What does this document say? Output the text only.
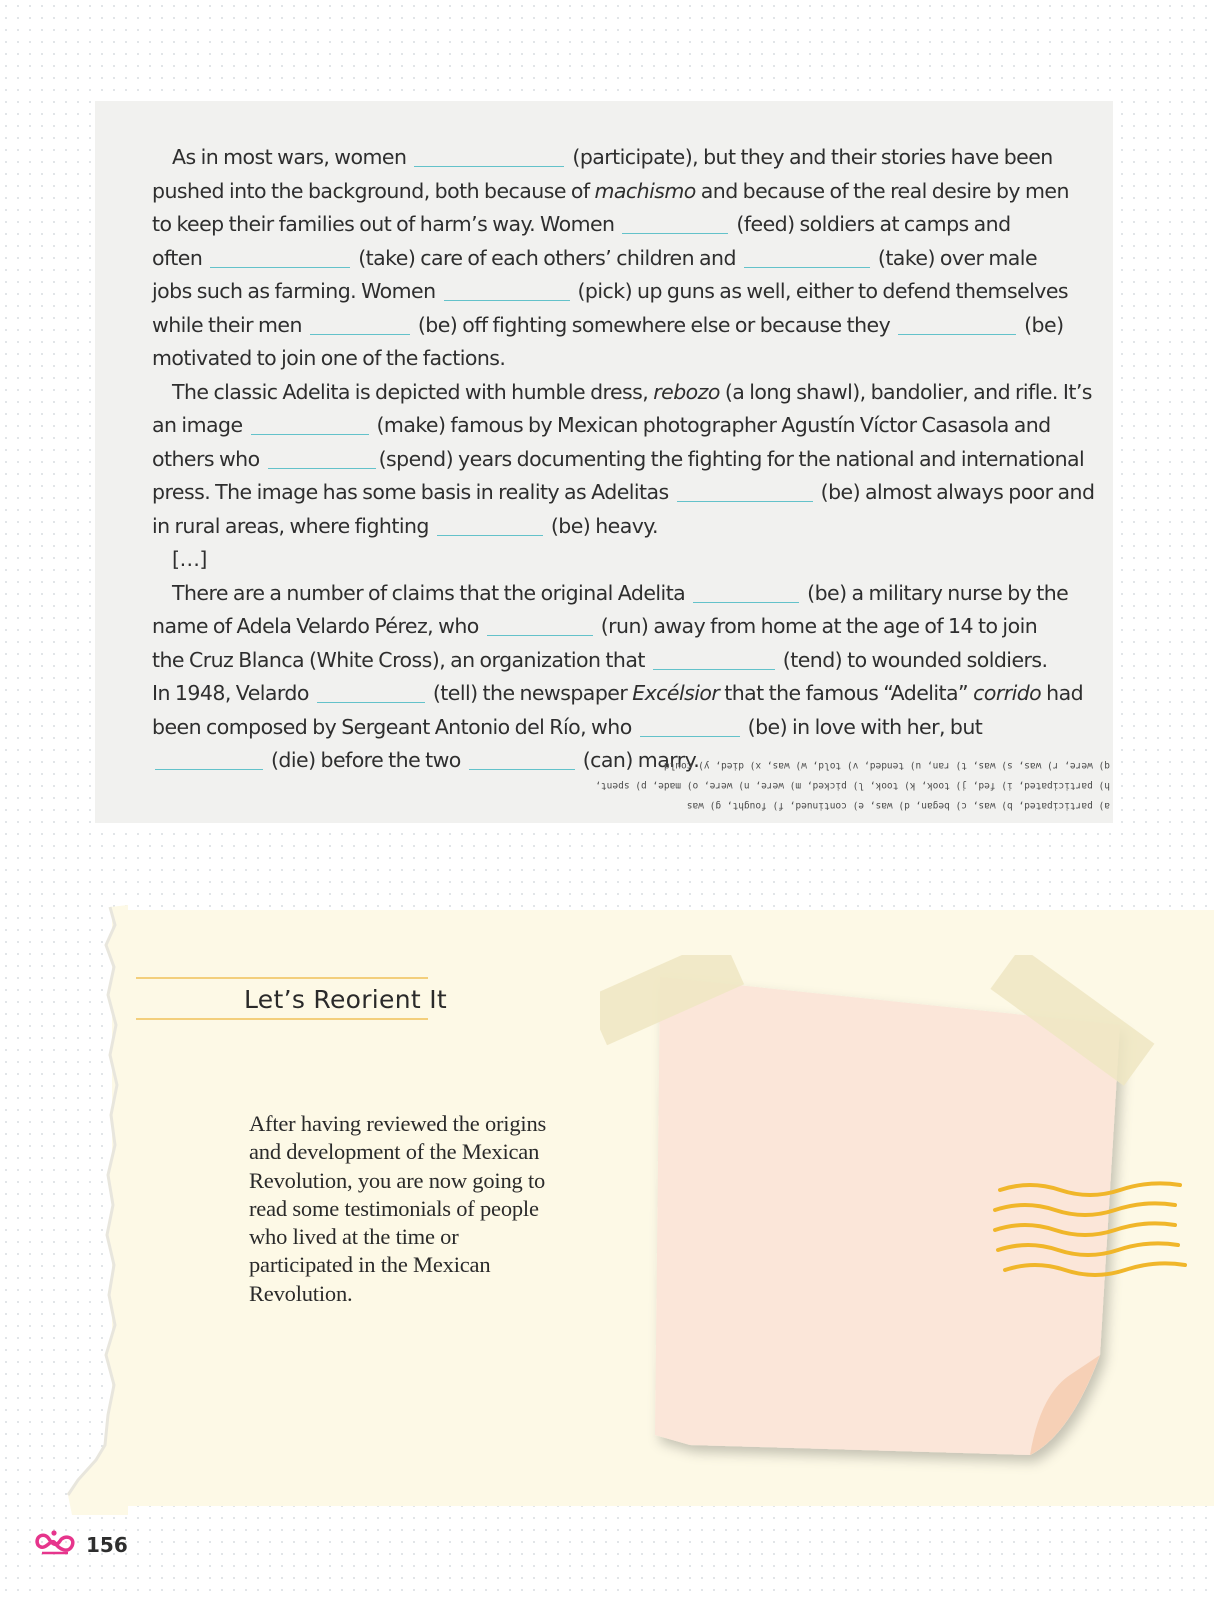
As in most wars, women	(participate), but they and their stories have been
pushed into the background, both because of machismo and because of the real desire by men
to keep their families out of harm’s way. Women	(feed) soldiers at camps and
often	(take) care of each others’ children and	(take) over male
jobs such as farming. Women	(pick) up guns as well, either to defend themselves
while their men	(be) off fighting somewhere else or because they	(be)
motivated to join one of the factions.
The classic Adelita is depicted with humble dress, rebozo (a long shawl), bandolier, and rifle. It’s
an image	(make) famous by Mexican photographer Agustín Víctor Casasola and
others who	(spend) years documenting the fighting for the national and international
press. The image has some basis in reality as Adelitas	(be) almost always poor and
in rural areas, where fighting	(be) heavy.
[…]
There are a number of claims that the original Adelita	(be) a military nurse by the
name of Adela Velardo Pérez, who	(run) away from home at the age of 14 to join
the Cruz Blanca (White Cross), an organization that	(tend) to wounded soldiers.
In 1948, Velardo	(tell) the newspaper Excélsior that the famous “Adelita” corrido had
been composed by Sergeant Antonio del Río, who	(be) in love with her, but
(die) before the two	(can) marry.
a) participated, b) was, c) began, d) was, e) continued, f) fought, g) was
h) participated, i) fed, j) took, k) took, l) picked, m) were, n) were, o) made, p) spent,
q) were, r) was, s) was, t) ran, u) tended, v) told, w) was, x) died, y) could
Let’s Reorient It

After having reviewed the origins and development of the Mexican Revolution, you are now going to read some testimonials of people who lived at the time or participated in the Mexican Revolution.

156
